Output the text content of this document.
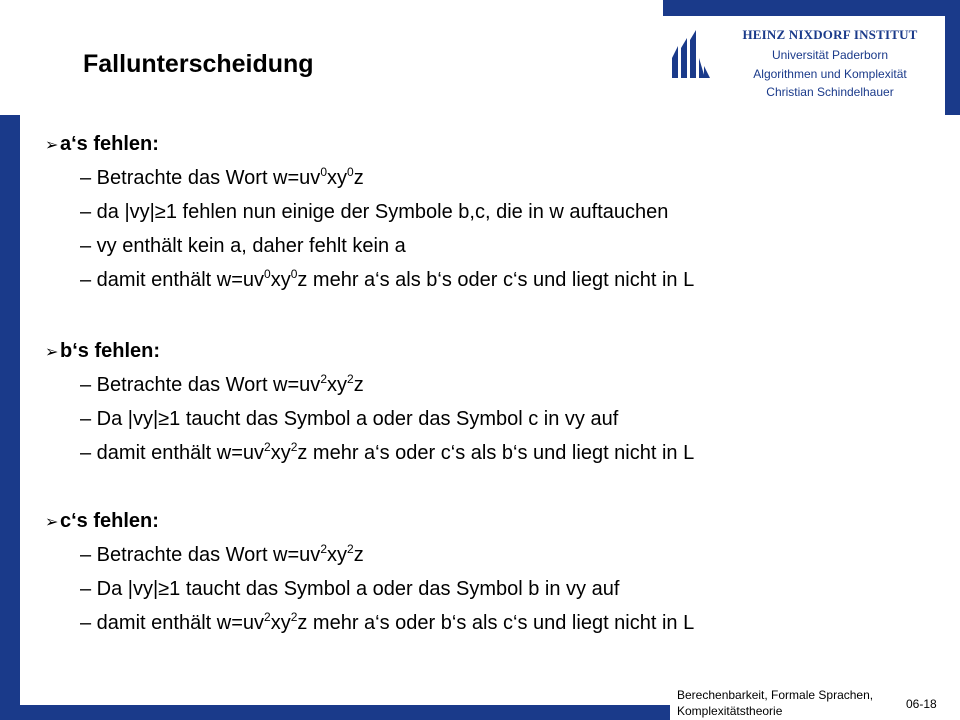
HEINZ NIXDORF INSTITUT
Universität Paderborn
Algorithmen und Komplexität
Christian Schindelhauer
Fallunterscheidung
➢a‘s fehlen:
– Betrachte das Wort $w=uv^0xy^0z$
– da |vy|≥1 fehlen nun einige der Symbole b,c, die in w auftauchen
– vy enthält kein a, daher fehlt kein a
– damit enthält $w=uv^0xy^0z$ mehr a‘s als b‘s oder c‘s und liegt nicht in L
➢b‘s fehlen:
– Betrachte das Wort $w=uv^2xy^2z$
– Da |vy|≥1 taucht das Symbol a oder das Symbol c in vy auf
– damit enthält $w=uv^2xy^2z$ mehr a‘s oder c‘s als b‘s und liegt nicht in L
➢c‘s fehlen:
– Betrachte das Wort $w=uv^2xy^2z$
– Da |vy|≥1 taucht das Symbol a oder das Symbol b in vy auf
– damit enthält $w=uv^2xy^2z$ mehr a‘s oder b‘s als c‘s und liegt nicht in L
Berechenbarkeit, Formale Sprachen,
Komplexitätstheorie	06-18
